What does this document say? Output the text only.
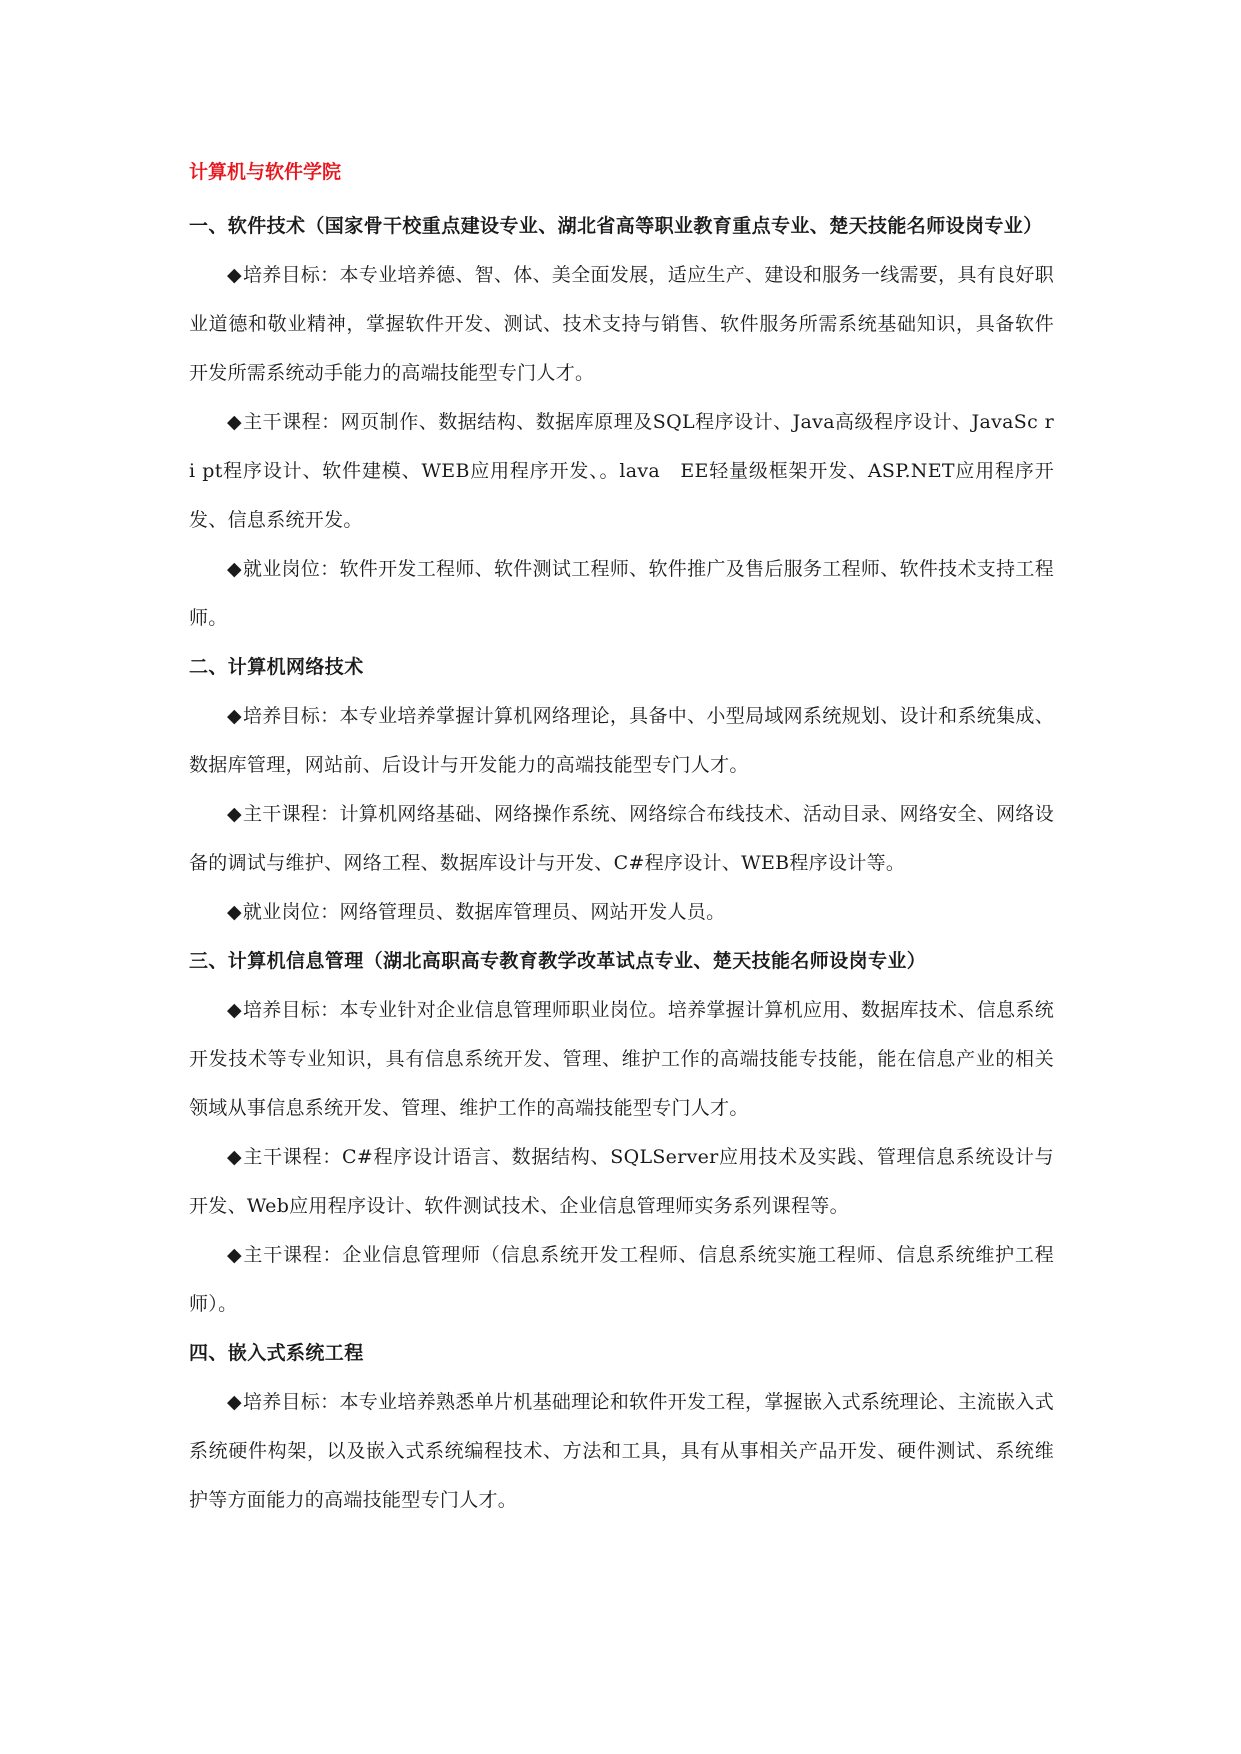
计算机与软件学院
一、软件技术（国家骨干校重点建设专业、湖北省高等职业教育重点专业、楚天技能名师设岗专业）

◆培养目标：本专业培养德、智、体、美全面发展，适应生产、建设和服务一线需要，具有良好职业道德和敬业精神，掌握软件开发、测试、技术支持与销售、软件服务所需系统基础知识，具备软件开发所需系统动手能力的高端技能型专门人才。

◆主干课程：网页制作、数据结构、数据库原理及SQL程序设计、Java高级程序设计、JavaSc r i pt程序设计、软件建模、WEB应用程序开发、。lava　EE轻量级框架开发、ASP.NET应用程序开发、信息系统开发。

◆就业岗位：软件开发工程师、软件测试工程师、软件推广及售后服务工程师、软件技术支持工程师。

二、计算机网络技术

◆培养目标：本专业培养掌握计算机网络理论，具备中、小型局域网系统规划、设计和系统集成、数据库管理，网站前、后设计与开发能力的高端技能型专门人才。

◆主干课程：计算机网络基础、网络操作系统、网络综合布线技术、活动目录、网络安全、网络设备的调试与维护、网络工程、数据库设计与开发、C#程序设计、WEB程序设计等。

◆就业岗位：网络管理员、数据库管理员、网站开发人员。

三、计算机信息管理（湖北高职高专教育教学改革试点专业、楚天技能名师设岗专业）

◆培养目标：本专业针对企业信息管理师职业岗位。培养掌握计算机应用、数据库技术、信息系统开发技术等专业知识，具有信息系统开发、管理、维护工作的高端技能专技能，能在信息产业的相关领域从事信息系统开发、管理、维护工作的高端技能型专门人才。

◆主干课程：C#程序设计语言、数据结构、SQLServer应用技术及实践、管理信息系统设计与开发、Web应用程序设计、软件测试技术、企业信息管理师实务系列课程等。

◆主干课程：企业信息管理师（信息系统开发工程师、信息系统实施工程师、信息系统维护工程师）。

四、嵌入式系统工程

◆培养目标：本专业培养熟悉单片机基础理论和软件开发工程，掌握嵌入式系统理论、主流嵌入式系统硬件构架，以及嵌入式系统编程技术、方法和工具，具有从事相关产品开发、硬件测试、系统维护等方面能力的高端技能型专门人才。
